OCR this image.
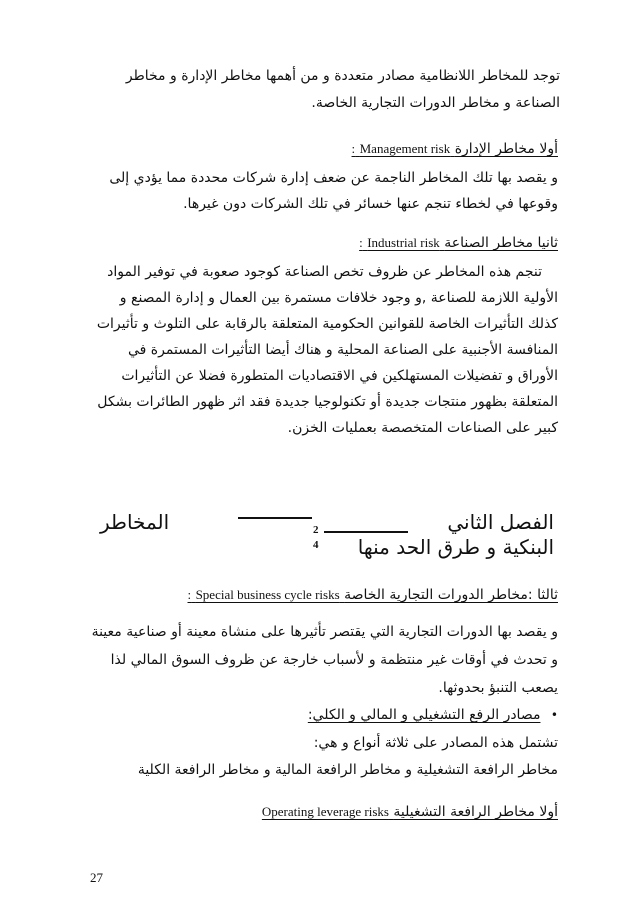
توجد للمخاطر اللانظامية مصادر متعددة و من أهمها مخاطر الإدارة و مخاطر
الصناعة و مخاطر الدورات التجارية الخاصة.
أولا مخاطر الإدارة Management risk :
و يقصد بها تلك المخاطر الناجمة عن ضعف إدارة شركات محددة مما يؤدي إلى
وقوعها في لخطاء تنجم عنها خسائر في تلك الشركات دون غيرها.
ثانيا مخاطر الصناعة Industrial risk :
تنجم هذه المخاطر عن ظروف تخص الصناعة كوجود صعوبة في توفير المواد
الأولية اللازمة للصناعة ,و وجود خلافات مستمرة بين العمال و إدارة المصنع و
كذلك التأثيرات الخاصة للقوانين الحكومية المتعلقة بالرقابة على التلوث و تأثيرات
المنافسة الأجنبية على الصناعة المحلية و هناك أيضا التأثيرات المستمرة في
الأوراق و تفضيلات المستهلكين في الاقتصاديات المتطورة فضلا عن التأثيرات
المتعلقة بظهور منتجات جديدة أو تكنولوجيا جديدة فقد اثر ظهور الطائرات بشكل
كبير على الصناعات المتخصصة بعمليات الخزن.
الفصل الثاني
المخاطر
البنكية و طرق الحد منها
2
4
ثالثا :مخاطر الدورات التجارية الخاصة Special business cycle risks :
و يقصد بها الدورات التجارية التي يقتصر تأثيرها على منشاة معينة أو صناعية معينة
و تحدث في أوقات غير منتظمة و لأسباب خارجة عن ظروف السوق المالي لذا
يصعب التنبؤ بحدوثها.
• مصادر الرفع التشغيلي و المالي و الكلي:
تشتمل هذه المصادر على ثلاثة أنواع و هي:
مخاطر الرافعة التشغيلية و مخاطر الرافعة المالية و مخاطر الرافعة الكلية
أولا مخاطر الرافعة التشغيلية Operating leverage risks
27
